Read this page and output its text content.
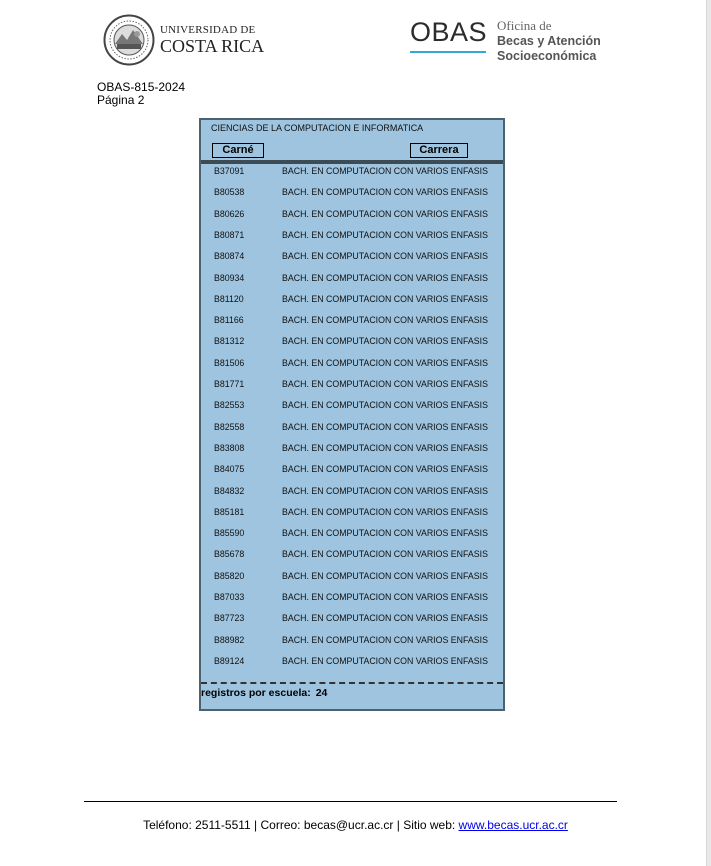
UNIVERSIDAD DE
COSTA RICA	OBAS Oficina de
Becas y Atención
Socioeconómica
OBAS-815-2024
Página 2
CIENCIAS DE LA COMPUTACION E INFORMATICA
Carné	Carrera
B37091	BACH. EN COMPUTACION CON VARIOS ENFASIS
B80538	BACH. EN COMPUTACION CON VARIOS ENFASIS
B80626	BACH. EN COMPUTACION CON VARIOS ENFASIS
B80871	BACH. EN COMPUTACION CON VARIOS ENFASIS
B80874	BACH. EN COMPUTACION CON VARIOS ENFASIS
B80934	BACH. EN COMPUTACION CON VARIOS ENFASIS
B81120	BACH. EN COMPUTACION CON VARIOS ENFASIS
B81166	BACH. EN COMPUTACION CON VARIOS ENFASIS
B81312	BACH. EN COMPUTACION CON VARIOS ENFASIS
B81506	BACH. EN COMPUTACION CON VARIOS ENFASIS
B81771	BACH. EN COMPUTACION CON VARIOS ENFASIS
B82553	BACH. EN COMPUTACION CON VARIOS ENFASIS
B82558	BACH. EN COMPUTACION CON VARIOS ENFASIS
B83808	BACH. EN COMPUTACION CON VARIOS ENFASIS
B84075	BACH. EN COMPUTACION CON VARIOS ENFASIS
B84832	BACH. EN COMPUTACION CON VARIOS ENFASIS
B85181	BACH. EN COMPUTACION CON VARIOS ENFASIS
B85590	BACH. EN COMPUTACION CON VARIOS ENFASIS
B85678	BACH. EN COMPUTACION CON VARIOS ENFASIS
B85820	BACH. EN COMPUTACION CON VARIOS ENFASIS
B87033	BACH. EN COMPUTACION CON VARIOS ENFASIS
B87723	BACH. EN COMPUTACION CON VARIOS ENFASIS
B88982	BACH. EN COMPUTACION CON VARIOS ENFASIS
B89124	BACH. EN COMPUTACION CON VARIOS ENFASIS
registros por escuela: 24
Teléfono: 2511-5511 | Correo: becas@ucr.ac.cr | Sitio web: www.becas.ucr.ac.cr
